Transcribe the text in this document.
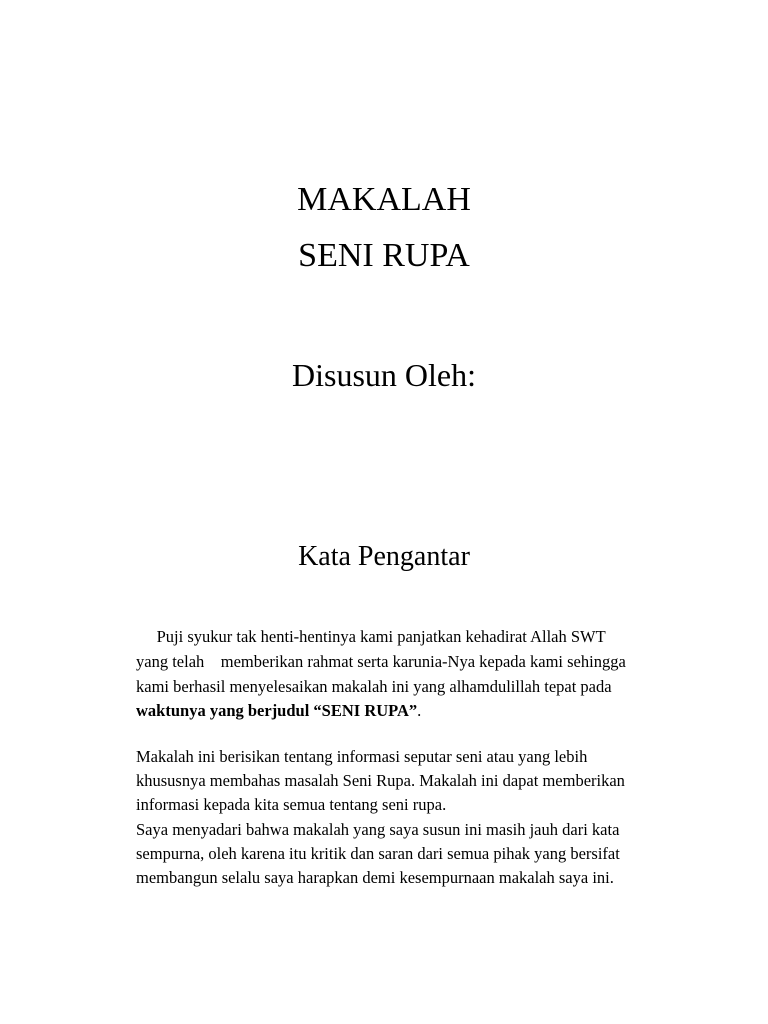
MAKALAH
SENI RUPA
Disusun Oleh:
Kata Pengantar
Puji syukur tak henti-hentinya kami panjatkan kehadirat Allah SWT
yang telah    memberikan rahmat serta karunia-Nya kepada kami sehingga
kami berhasil menyelesaikan makalah ini yang alhamdulillah tepat pada
waktunya yang berjudul “SENI RUPA”.
Makalah ini berisikan tentang informasi seputar seni atau yang lebih
khususnya membahas masalah Seni Rupa. Makalah ini dapat memberikan
informasi kepada kita semua tentang seni rupa.
Saya menyadari bahwa makalah yang saya susun ini masih jauh dari kata
sempurna, oleh karena itu kritik dan saran dari semua pihak yang bersifat
membangun selalu saya harapkan demi kesempurnaan makalah saya ini.
